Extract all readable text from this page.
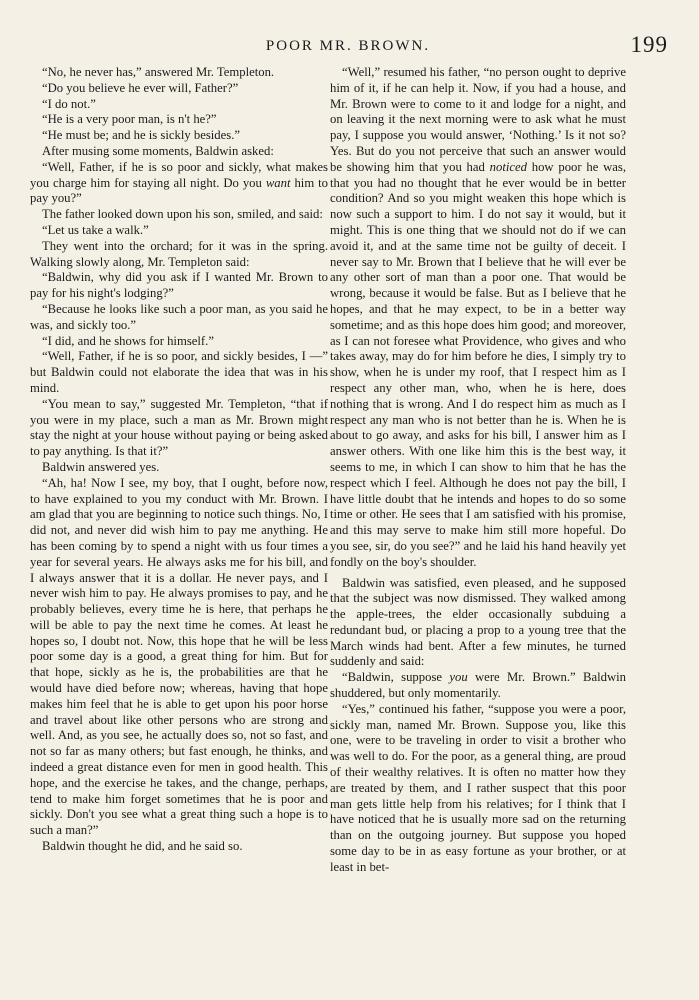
POOR MR. BROWN.	199

“No, he never has,” answered Mr. Templeton.

“Do you believe he ever will, Father?”

“I do not.”

“He is a very poor man, is n't he?”

“He must be; and he is sickly besides.”

After musing some moments, Baldwin asked:

“Well, Father, if he is so poor and sickly, what makes you charge him for staying all night. Do you want him to pay you?”

The father looked down upon his son, smiled, and said:

“Let us take a walk.”

They went into the orchard; for it was in the spring. Walking slowly along, Mr. Templeton said:

“Baldwin, why did you ask if I wanted Mr. Brown to pay for his night's lodging?”

“Because he looks like such a poor man, as you said he was, and sickly too.”

“I did, and he shows for himself.”

“Well, Father, if he is so poor, and sickly besides, I —” but Baldwin could not elaborate the idea that was in his mind.

“You mean to say,” suggested Mr. Templeton, “that if you were in my place, such a man as Mr. Brown might stay the night at your house without paying or being asked to pay anything. Is that it?”

Baldwin answered yes.

“Ah, ha! Now I see, my boy, that I ought, before now, to have explained to you my conduct with Mr. Brown. I am glad that you are beginning to notice such things. No, I did not, and never did wish him to pay me anything. He has been coming by to spend a night with us four times a year for several years. He always asks me for his bill, and I always answer that it is a dollar. He never pays, and I never wish him to pay. He always promises to pay, and he probably believes, every time he is here, that perhaps he will be able to pay the next time he comes. At least he hopes so, I doubt not. Now, this hope that he will be less poor some day is a good, a great thing for him. But for that hope, sickly as he is, the probabilities are that he would have died before now; whereas, having that hope makes him feel that he is able to get upon his poor horse and travel about like other persons who are strong and well. And, as you see, he actually does so, not so fast, and not so far as many others; but fast enough, he thinks, and indeed a great distance even for men in good health. This hope, and the exercise he takes, and the change, perhaps, tend to make him forget sometimes that he is poor and sickly. Don't you see what a great thing such a hope is to such a man?”

Baldwin thought he did, and he said so.

“Well,” resumed his father, “no person ought to deprive him of it, if he can help it. Now, if you had a house, and Mr. Brown were to come to it and lodge for a night, and on leaving it the next morning were to ask what he must pay, I suppose you would answer, ‘Nothing.’ Is it not so? Yes. But do you not perceive that such an answer would be showing him that you had noticed how poor he was, that you had no thought that he ever would be in better condition? And so you might weaken this hope which is now such a support to him. I do not say it would, but it might. This is one thing that we should not do if we can avoid it, and at the same time not be guilty of deceit. I never say to Mr. Brown that I believe that he will ever be any other sort of man than a poor one. That would be wrong, because it would be false. But as I believe that he hopes, and that he may expect, to be in a better way sometime; and as this hope does him good; and moreover, as I can not foresee what Providence, who gives and who takes away, may do for him before he dies, I simply try to show, when he is under my roof, that I respect him as I respect any other man, who, when he is here, does nothing that is wrong. And I do respect him as much as I respect any man who is not better than he is. When he is about to go away, and asks for his bill, I answer him as I answer others. With one like him this is the best way, it seems to me, in which I can show to him that he has the respect which I feel. Although he does not pay the bill, I have little doubt that he intends and hopes to do so some time or other. He sees that I am satisfied with his promise, and this may serve to make him still more hopeful. Do you see, sir, do you see?” and he laid his hand heavily yet fondly on the boy's shoulder.

Baldwin was satisfied, even pleased, and he supposed that the subject was now dismissed. They walked among the apple-trees, the elder occasionally subduing a redundant bud, or placing a prop to a young tree that the March winds had bent. After a few minutes, he turned suddenly and said:

“Baldwin, suppose you were Mr. Brown.” Baldwin shuddered, but only momentarily.

“Yes,” continued his father, “suppose you were a poor, sickly man, named Mr. Brown. Suppose you, like this one, were to be traveling in order to visit a brother who was well to do. For the poor, as a general thing, are proud of their wealthy relatives. It is often no matter how they are treated by them, and I rather suspect that this poor man gets little help from his relatives; for I think that I have noticed that he is usually more sad on the returning than on the outgoing journey. But suppose you hoped some day to be in as easy fortune as your brother, or at least in bet-
